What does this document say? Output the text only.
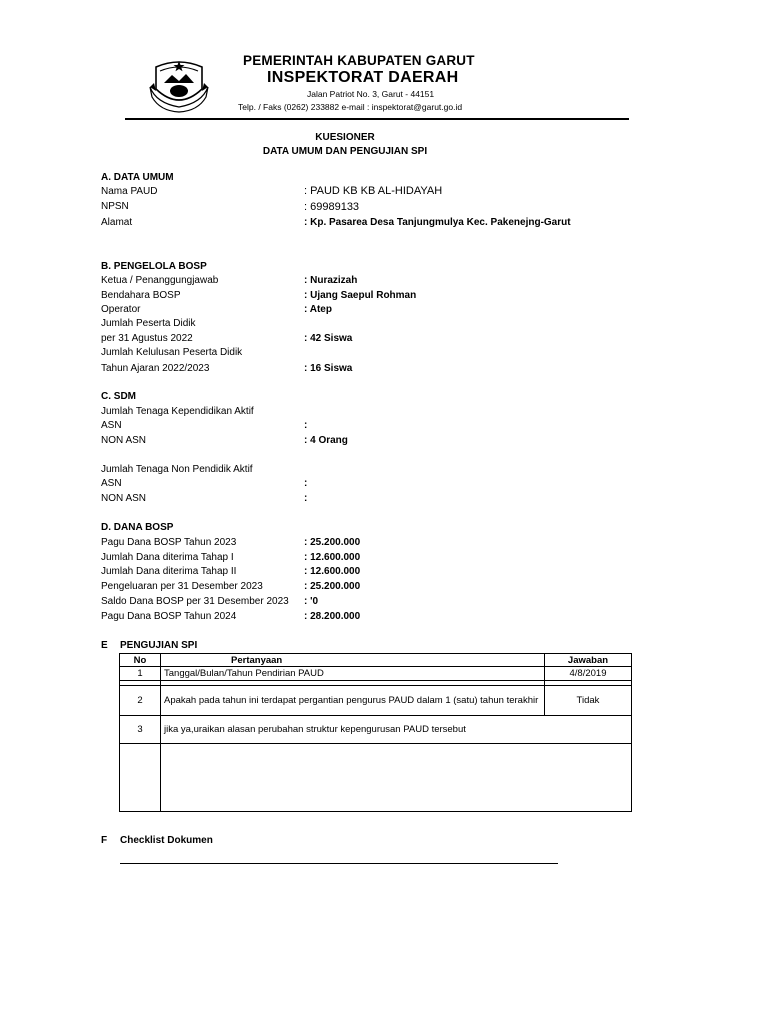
PEMERINTAH KABUPATEN GARUT
INSPEKTORAT DAERAH
Jalan Patriot No. 3, Garut - 44151
Telp. / Faks (0262) 233882 e-mail : inspektorat@garut.go.id
KUESIONER
DATA UMUM DAN PENGUJIAN SPI
A. DATA UMUM
Nama PAUD	: PAUD KB KB AL-HIDAYAH
NPSN	: 69989133
Alamat	: Kp. Pasarea Desa Tanjungmulya Kec. Pakenejng-Garut
B. PENGELOLA BOSP
Ketua / Penanggungjawab	: Nurazizah
Bendahara BOSP	: Ujang Saepul Rohman
Operator	: Atep
Jumlah Peserta Didik
per 31 Agustus 2022	: 42 Siswa
Jumlah Kelulusan Peserta Didik
Tahun Ajaran 2022/2023	: 16 Siswa
C. SDM
Jumlah Tenaga Kependidikan Aktif
ASN	:
NON ASN	: 4 Orang
Jumlah Tenaga Non Pendidik Aktif
ASN	:
NON ASN	:
D. DANA BOSP
Pagu Dana BOSP Tahun 2023	: 25.200.000
Jumlah Dana diterima Tahap I	: 12.600.000
Jumlah Dana diterima Tahap II	: 12.600.000
Pengeluaran per 31 Desember 2023	: 25.200.000
Saldo Dana BOSP per 31 Desember 2023 : '0
Pagu Dana BOSP Tahun 2024	: 28.200.000
E PENGUJIAN SPI
No	Pertanyaan		Jawaban
1	Tanggal/Bulan/Tahun Pendirian PAUD	4/8/2019

2	Apakah pada tahun ini terdapat pergantian pengurus PAUD dalam 1 (satu) tahun terakhir	Tidak
3	jika ya,uraikan alasan perubahan struktur kepengurusan PAUD tersebut	

F Checklist Dokumen
